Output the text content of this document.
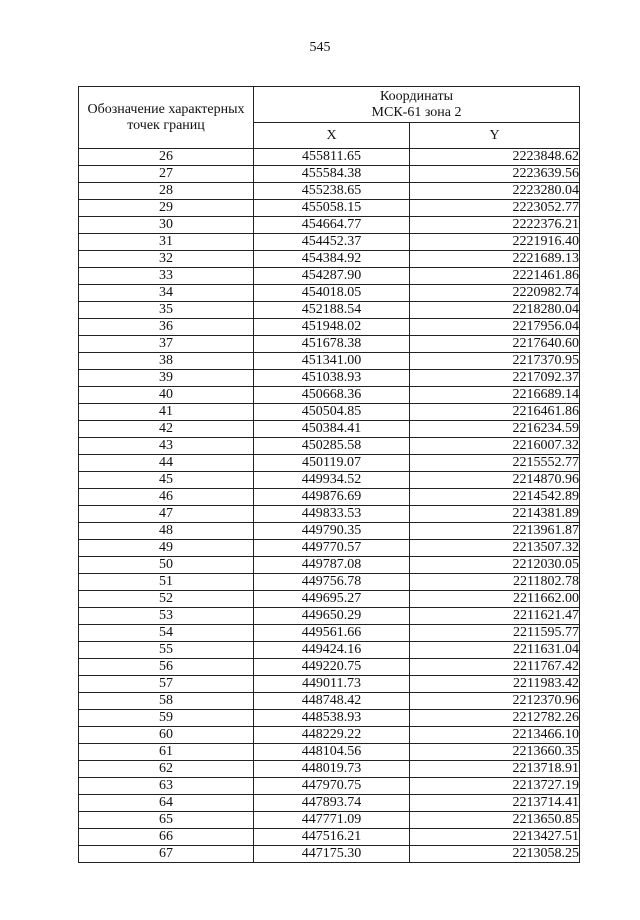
545
Обозначение характерных точек границ	Координаты
МСК-61 зона 2	

	X	Y
26	455811.65	2223848.62
27	455584.38	2223639.56
28	455238.65	2223280.04
29	455058.15	2223052.77
30	454664.77	2222376.21
31	454452.37	2221916.40
32	454384.92	2221689.13
33	454287.90	2221461.86
34	454018.05	2220982.74
35	452188.54	2218280.04
36	451948.02	2217956.04
37	451678.38	2217640.60
38	451341.00	2217370.95
39	451038.93	2217092.37
40	450668.36	2216689.14
41	450504.85	2216461.86
42	450384.41	2216234.59
43	450285.58	2216007.32
44	450119.07	2215552.77
45	449934.52	2214870.96
46	449876.69	2214542.89
47	449833.53	2214381.89
48	449790.35	2213961.87
49	449770.57	2213507.32
50	449787.08	2212030.05
51	449756.78	2211802.78
52	449695.27	2211662.00
53	449650.29	2211621.47
54	449561.66	2211595.77
55	449424.16	2211631.04
56	449220.75	2211767.42
57	449011.73	2211983.42
58	448748.42	2212370.96
59	448538.93	2212782.26
60	448229.22	2213466.10
61	448104.56	2213660.35
62	448019.73	2213718.91
63	447970.75	2213727.19
64	447893.74	2213714.41
65	447771.09	2213650.85
66	447516.21	2213427.51
67	447175.30	2213058.25
